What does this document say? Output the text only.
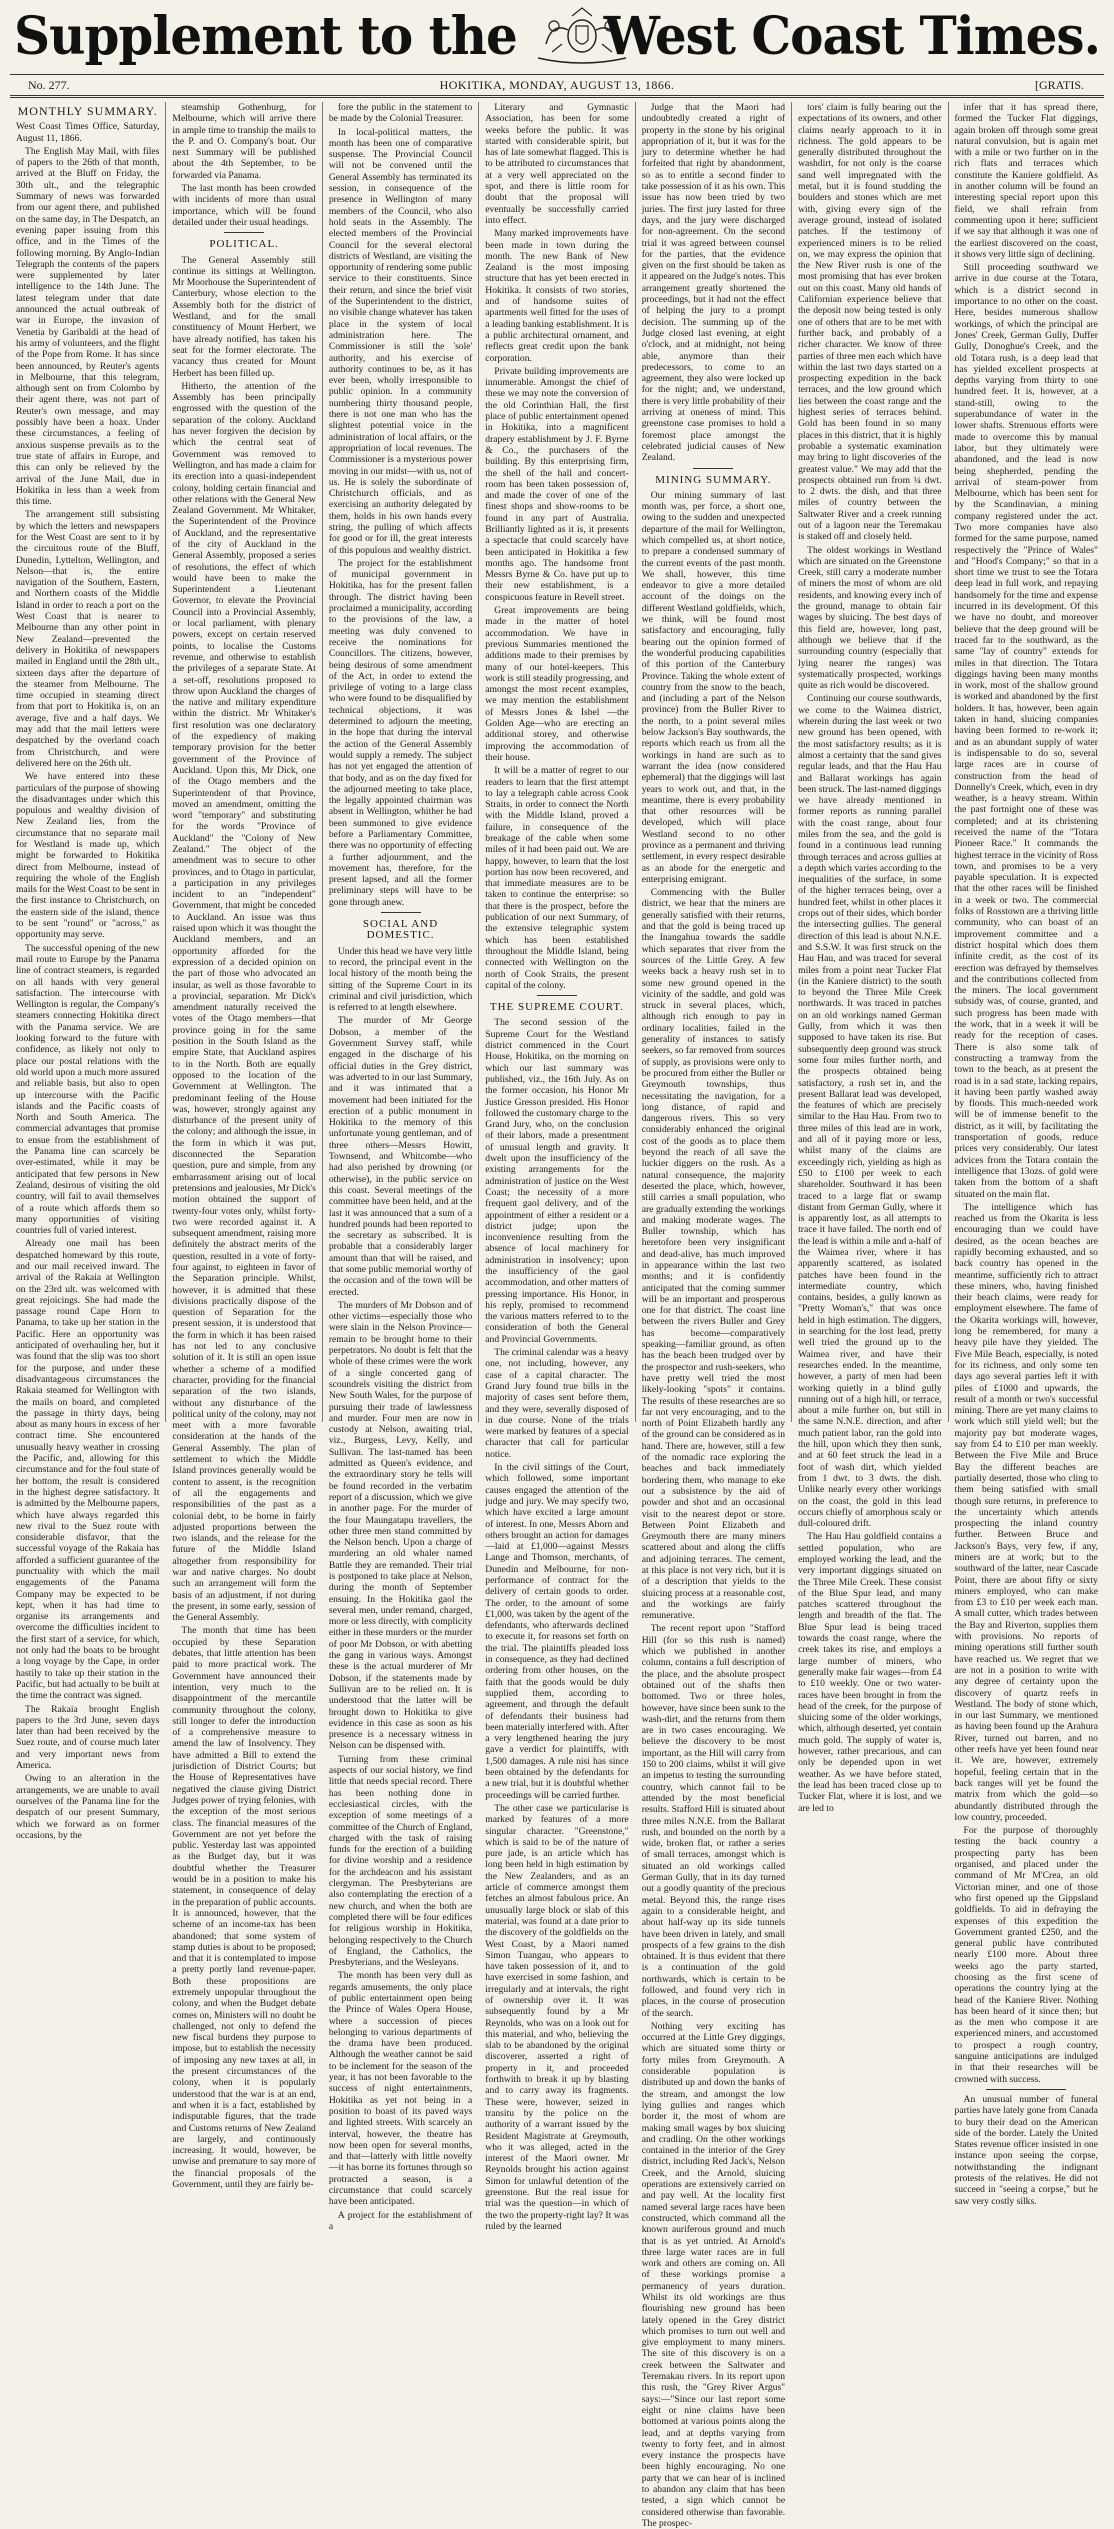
Supplement to the West Coast Times.
No. 277.	HOKITIKA, MONDAY, AUGUST 13, 1866.	[GRATIS.
MONTHLY SUMMARY.

West Coast Times Office, Saturday, August 11, 1866.

The English May Mail, with files of papers to the 26th of that month, arrived at the Bluff on Friday, the 30th ult., and the telegraphic Summary of news was forwarded from our agent there, and published on the same day, in The Despatch, an evening paper issuing from this office, and in the Times of the following morning. By Anglo-Indian Telegraph the contents of the papers were supplemented by later intelligence to the 14th June. The latest telegram under that date announced the actual outbreak of war in Europe, the invasion of Venetia by Garibaldi at the head of his army of volunteers, and the flight of the Pope from Rome. It has since been announced, by Reuter's agents in Melbourne, that this telegram, although sent on from Colombo by their agent there, was not part of Reuter's own message, and may possibly have been a hoax. Under these circumstances, a feeling of anxious suspense prevails as to the true state of affairs in Europe, and this can only be relieved by the arrival of the June Mail, due in Hokitika in less than a week from this time.

The arrangement still subsisting by which the letters and newspapers for the West Coast are sent to it by the circuitous route of the Bluff, Dunedin, Lyttelton, Wellington, and Nelson—that is, the entire navigation of the Southern, Eastern, and Northern coasts of the Middle Island in order to reach a port on the West Coast that is nearer to Melbourne than any other point in New Zealand—prevented the delivery in Hokitika of newspapers mailed in England until the 28th ult., sixteen days after the departure of the steamer from Melbourne. The time occupied in steaming direct from that port to Hokitika is, on an average, five and a half days. We may add that the mail letters were despatched by the overland coach from Christchurch, and were delivered here on the 26th ult.

We have entered into these particulars of the purpose of showing the disadvantages under which this populous and wealthy division of New Zealand lies, from the circumstance that no separate mail for Westland is made up, which might be forwarded to Hokitika direct from Melbourne, instead of requiring the whole of the English mails for the West Coast to be sent in the first instance to Christchurch, on the eastern side of the island, thence to be sent "round" or "across," as opportunity may serve.

The successful opening of the new mail route to Europe by the Panama line of contract steamers, is regarded on all hands with very general satisfaction. The intercourse with Wellington is regular, the Company's steamers connecting Hokitika direct with the Panama service. We are looking forward to the future with confidence, as likely not only to place our postal relations with the old world upon a much more assured and reliable basis, but also to open up intercourse with the Pacific islands and the Pacific coasts of North and South America. The commercial advantages that promise to ensue from the establishment of the Panama line can scarcely be over-estimated, while it may be anticipated that few persons in New Zealand, desirous of visiting the old country, will fail to avail themselves of a route which affords them so many opportunities of visiting countries full of varied interest.

Already one mail has been despatched homeward by this route, and our mail received inward. The arrival of the Rakaia at Wellington on the 23rd ult. was welcomed with great rejoicings. She had made the passage round Cape Horn to Panama, to take up her station in the Pacific. Here an opportunity was anticipated of overhauling her, but it was found that the slip was too short for the purpose, and under these disadvantageous circumstances the Rakaia steamed for Wellington with the mails on board, and completed the passage in thirty days, being about as many hours in excess of her contract time. She encountered unusually heavy weather in crossing the Pacific, and, allowing for this circumstance and for the foul state of her bottom, the result is considered in the highest degree satisfactory. It is admitted by the Melbourne papers, which have always regarded this new rival to the Suez route with considerable disfavor, that the successful voyage of the Rakaia has afforded a sufficient guarantee of the punctuality with which the mail engagements of the Panama Company may be expected to be kept, when it has had time to organise its arrangements and overcome the difficulties incident to the first start of a service, for which, not only had the boats to be brought a long voyage by the Cape, in order hastily to take up their station in the Pacific, but had actually to be built at the time the contract was signed.

The Rakaia brought English papers to the 3rd June, seven days later than had been received by the Suez route, and of course much later and very important news from America.

Owing to an alteration in the arrangements, we are unable to avail ourselves of the Panama line for the despatch of our present Summary, which we forward as on former occasions, by the

steamship Gothenburg, for Melbourne, which will arrive there in ample time to tranship the mails to the P. and O. Company's boat. Our next Summary will be published about the 4th September, to be forwarded via Panama.

The last month has been crowded with incidents of more than usual importance, which will be found detailed under their usual headings.

POLITICAL.

The General Assembly still continue its sittings at Wellington. Mr Moorhouse the Superintendent of Canterbury, whose election to the Assembly both for the district of Westland, and for the small constituency of Mount Herbert, we have already notified, has taken his seat for the former electorate. The vacancy thus created for Mount Herbert has been filled up.

Hitherto, the attention of the Assembly has been principally engrossed with the question of the separation of the colony. Auckland has never forgiven the decision by which the central seat of Government was removed to Wellington, and has made a claim for its erection into a quasi-independent colony, holding certain financial and other relations with the General New Zealand Government. Mr Whitaker, the Superintendent of the Province of Auckland, and the representative of the city of Auckland in the General Assembly, proposed a series of resolutions, the effect of which would have been to make the Superintendent a Lieutenant Governor, to elevate the Provincial Council into a Provincial Assembly, or local parliament, with plenary powers, except on certain reserved points, to localise the Customs revenue, and otherwise to establish the privileges of a separate State. At a set-off, resolutions proposed to throw upon Auckland the charges of the native and military expenditure within the district. Mr Whitaker's first resolution was one declaratory of the expediency of making temporary provision for the better government of the Province of Auckland. Upon this, Mr Dick, one of the Otago members and the Superintendent of that Province, moved an amendment, omitting the word "temporary" and substituting for the words "Province of Auckland" the "Colony of New Zealand." The object of the amendment was to secure to other provinces, and to Otago in particular, a participation in any privileges incident to an "independent" Government, that might be conceded to Auckland. An issue was thus raised upon which it was thought the Auckland members, and an opportunity afforded for the expression of a decided opinion on the part of those who advocated an insular, as well as those favorable to a provincial, separation. Mr Dick's amendment naturally received the votes of the Otago members—that province going in for the same position in the South Island as the empire State, that Auckland aspires to in the North. Both are equally opposed to the location of the Government at Wellington. The predominant feeling of the House was, however, strongly against any disturbance of the present unity of the colony; and although the issue, in the form in which it was put, disconnected the Separation question, pure and simple, from any embarrassment arising out of local pretensions and jealousies, Mr Dick's motion obtained the support of twenty-four votes only, whilst forty-two were recorded against it. A subsequent amendment, raising more definitely the abstract merits of the question, resulted in a vote of forty-four against, to eighteen in favor of the Separation principle. Whilst, however, it is admitted that these divisions practically dispose of the question of Separation for the present session, it is understood that the form in which it has been raised has not led to any conclusive solution of it. It is still an open issue whether a scheme of a modified character, providing for the financial separation of the two islands, without any disturbance of the political unity of the colony, may not meet with a more favorable consideration at the hands of the General Assembly. The plan of settlement to which the Middle Island provinces generally would be content to assent, is the recognition of all the engagements and responsibilities of the past as a colonial debt, to be borne in fairly adjusted proportions between the two islands, and the release for the future of the Middle Island altogether from responsibility for war and native charges. No doubt such an arrangement will form the basis of an adjustment, if not during the present, in some early, session of the General Assembly.

The month that time has been occupied by these Separation debates, that little attention has been paid to more practical work. The Government have announced their intention, very much to the disappointment of the mercantile community throughout the colony, still longer to defer the introduction of a comprehensive measure to amend the law of Insolvency. They have admitted a Bill to extend the jurisdiction of District Courts; but the House of Representatives have negatived the clause giving District Judges power of trying felonies, with the exception of the most serious class. The financial measures of the Government are not yet before the public. Yesterday last was appointed as the Budget day, but it was doubtful whether the Treasurer would be in a position to make his statement, in consequence of delay in the preparation of public accounts. It is announced, however, that the scheme of an income-tax has been abandoned; that some system of stamp duties is about to be proposed; and that it is contemplated to impose a pretty portly land revenue-paper. Both these propositions are extremely unpopular throughout the colony, and when the Budget debate comes on, Ministers will no doubt be challenged, not only to defend the new fiscal burdens they purpose to impose, but to establish the necessity of imposing any new taxes at all, in the present circumstances of the colony, when it is popularly understood that the war is at an end, and when it is a fact, established by indisputable figures, that the trade and Customs returns of New Zealand are largely, and continuously increasing. It would, however, be unwise and premature to say more of the financial proposals of the Government, until they are fairly be-

fore the public in the statement to be made by the Colonial Treasurer.

In local-political matters, the month has been one of comparative suspense. The Provincial Council will not be convened until the General Assembly has terminated its session, in consequence of the presence in Wellington of many members of the Council, who also hold seats in the Assembly. The elected members of the Provincial Council for the several electoral districts of Westland, are visiting the opportunity of rendering some public service to their constituents. Since their return, and since the brief visit of the Superintendent to the district, no visible change whatever has taken place in the system of local administration here. The Commissioner is still the 'sole' authority, and his exercise of authority continues to be, as it has ever been, wholly irresponsible to public opinion. In a community numbering thirty thousand people, there is not one man who has the slightest potential voice in the administration of local affairs, or the appropriation of local revenues. The Commissioner is a mysterious power moving in our midst—with us, not of us. He is solely the subordinate of Christchurch officials, and as exercising an authority delegated by them, holds in his own hands every string, the pulling of which affects for good or for ill, the great interests of this populous and wealthy district.

The project for the establishment of municipal government in Hokitika, has for the present fallen through. The district having been proclaimed a municipality, according to the provisions of the law, a meeting was duly convened to receive the nominations for Councillors. The citizens, however, being desirous of some amendment of the Act, in order to extend the privilege of voting to a large class who were found to be disqualified by technical objections, it was determined to adjourn the meeting, in the hope that during the interval the action of the General Assembly would supply a remedy. The subject has not yet engaged the attention of that body, and as on the day fixed for the adjourned meeting to take place, the legally appointed chairman was absent in Wellington, whither he had been summoned to give evidence before a Parliamentary Committee, there was no opportunity of effecting a further adjournment, and the movement has, therefore, for the present lapsed, and all the former preliminary steps will have to be gone through anew.

SOCIAL AND DOMESTIC.

Under this head we have very little to record, the principal event in the local history of the month being the sitting of the Supreme Court in its criminal and civil jurisdiction, which is referred to at length elsewhere.

The murder of Mr George Dobson, a member of the Government Survey staff, while engaged in the discharge of his official duties in the Grey district, was adverted to in our last Summary, and it was intimated that a movement had been initiated for the erection of a public monument in Hokitika to the memory of this unfortunate young gentleman, and of three others—Messrs Howitt, Townsend, and Whitcombe—who had also perished by drowning (or otherwise), in the public service on this coast. Several meetings of the committee have been held, and at the last it was announced that a sum of a hundred pounds had been reported to the secretary as subscribed. It is probable that a considerably larger amount than that will be raised, and that some public memorial worthy of the occasion and of the town will be erected.

The murders of Mr Dobson and of other victims—especially those who were slain in the Nelson Province—remain to be brought home to their perpetrators. No doubt is felt that the whole of these crimes were the work of a single concerted gang of scoundrels visiting the district from New South Wales, for the purpose of pursuing their trade of lawlessness and murder. Four men are now in custody at Nelson, awaiting trial, viz., Burgess, Levy, Kelly, and Sullivan. The last-named has been admitted as Queen's evidence, and the extraordinary story he tells will be found recorded in the verbatim report of a discussion, which we give in another page. For the murder of the four Maungatapu travellers, the other three men stand committed by the Nelson bench. Upon a charge of murdering an old whaler named Battle they are remanded. Their trial is postponed to take place at Nelson, during the month of September ensuing. In the Hokitika gaol the several men, under remand, charged, more or less directly, with complicity either in these murders or the murder of poor Mr Dobson, or with abetting the gang in various ways. Amongst these is the actual murderer of Mr Dobson, if the statements made by Sullivan are to be relied on. It is understood that the latter will be brought down to Hokitika to give evidence in this case as soon as his presence is a necessary witness in Nelson can be dispensed with.

Turning from these criminal aspects of our social history, we find little that needs special record. There has been nothing done in ecclesiastical circles, with the exception of some meetings of a committee of the Church of England, charged with the task of raising funds for the erection of a building for divine worship and a residence for the archdeacon and his assistant clergyman. The Presbyterians are also contemplating the erection of a new church, and when the both are completed there will be four edifices for religious worship in Hokitika, belonging respectively to the Church of England, the Catholics, the Presbyterians, and the Wesleyans.

The month has been very dull as regards amusements, the only place of public entertainment open being the Prince of Wales Opera House, where a succession of pieces belonging to various departments of the drama have been produced. Although the weather cannot be said to be inclement for the season of the year, it has not been favorable to the success of night entertainments, Hokitika as yet not being in a position to boast of its paved ways and lighted streets. With scarcely an interval, however, the theatre has now been open for several months, and that—latterly with little novelty—it has borne its fortunes through so protracted a season, is a circumstance that could scarcely have been anticipated.

A project for the establishment of a

Literary and Gymnastic Association, has been for some weeks before the public. It was started with considerable spirit, but has of late somewhat flagged. This is to be attributed to circumstances that at a very well appreciated on the spot, and there is little room for doubt that the proposal will eventually be successfully carried into effect.

Many marked improvements have been made in town during the month. The new Bank of New Zealand is the most imposing structure that has yet been erected in Hokitika. It consists of two stories, and of handsome suites of apartments well fitted for the uses of a leading banking establishment. It is a public architectural ornament, and reflects great credit upon the bank corporation.

Private building improvements are innumerable. Amongst the chief of these we may note the conversion of the old Corinthian Hall, the first place of public entertainment opened in Hokitika, into a magnificent drapery establishment by J. F. Byrne & Co., the purchasers of the building. By this enterprising firm, the shell of the hall and concert-room has been taken possession of, and made the cover of one of the finest shops and show-rooms to be found in any part of Australia. Brilliantly lighted as it is, it presents a spectacle that could scarcely have been anticipated in Hokitika a few months ago. The handsome front Messrs Byrne & Co. have put up to their new establishment, is a conspicuous feature in Revell street.

Great improvements are being made in the matter of hotel accommodation. We have in previous Summaries mentioned the additions made to their premises by many of our hotel-keepers. This work is still steadily progressing, and amongst the most recent examples, we may mention the establishment of Messrs Jones & Isbel —the Golden Age—who are erecting an additional storey, and otherwise improving the accommodation of their house.

It will be a matter of regret to our readers to learn that the first attempt to lay a telegraph cable across Cook Straits, in order to connect the North with the Middle Island, proved a failure, in consequence of the breakage of the cable when some miles of it had been paid out. We are happy, however, to learn that the lost portion has now been recovered, and that immediate measures are to be taken to continue the enterprise: so that there is the prospect, before the publication of our next Summary, of the extensive telegraphic system which has been established throughout the Middle Island, being connected with Wellington on the north of Cook Straits, the present capital of the colony.

THE SUPREME COURT.

The second session of the Supreme Court for the Westland district commenced in the Court House, Hokitika, on the morning on which our last summary was published, viz., the 16th July. As on the former occasion, his Honor Mr Justice Gresson presided. His Honor followed the customary charge to the Grand Jury, who, on the conclusion of their labors, made a presentment of unusual length and gravity. It dwelt upon the insufficiency of the existing arrangements for the administration of justice on the West Coast; the necessity of a more frequent gaol delivery, and of the appointment of either a resident or a district judge; upon the inconvenience resulting from the absence of local machinery for administration in insolvency; upon the insufficiency of the gaol accommodation, and other matters of pressing importance. His Honor, in his reply, promised to recommend the various matters referred to to the consideration of both the General and Provincial Governments.

The criminal calendar was a heavy one, not including, however, any case of a capital character. The Grand Jury found true bills in the majority of cases sent before them, and they were, severally disposed of in due course. None of the trials were marked by features of a special character that call for particular notice.

In the civil sittings of the Court, which followed, some important causes engaged the attention of the judge and jury. We may specify two, which have excited a large amount of interest. In one, Messrs Aborn and others brought an action for damages—laid at £1,000—against Messrs Lange and Thomson, merchants, of Dunedin and Melbourne, for non-performance of contract for the delivery of certain goods to order. The order, to the amount of some £1,000, was taken by the agent of the defendants, who afterwards declined to execute it, for reasons set forth on the trial. The plaintiffs pleaded loss in consequence, as they had declined ordering from other houses, on the faith that the goods would be duly supplied them, according to agreement, and through the default of defendants their business had been materially interfered with. After a very lengthened hearing the jury gave a verdict for plaintiffs, with 1,500 damages. A rule nisi has since been obtained by the defendants for a new trial, but it is doubtful whether proceedings will be carried further.

The other case we particularise is marked by features of a more singular character. "Greenstone," which is said to be of the nature of pure jade, is an article which has long been held in high estimation by the New Zealanders, and as an article of commerce amongst them fetches an almost fabulous price. An unusually large block or slab of this material, was found at a date prior to the discovery of the goldfields on the West Coast, by a Maori named Simon Tuangau, who appears to have taken possession of it, and to have exercised in some fashion, and irregularly and at intervals, the right of ownership over it. It was subsequently found by a Mr Reynolds, who was on a look out for this material, and who, believing the slab to be abandoned by the original discoverer, asserted a right of property in it, and proceeded forthwith to break it up by blasting and to carry away its fragments. These were, however, seized in transitu by the police on the authority of a warrant issued by the Resident Magistrate at Greymouth, who it was alleged, acted in the interest of the Maori owner. Mr Reynolds brought his action against Simon for unlawful detention of the greenstone. But the real issue for trial was the question—in which of the two the property-right lay? It was ruled by the learned

Judge that the Maori had undoubtedly created a right of property in the stone by his original appropriation of it, but it was for the jury to determine whether he had forfeited that right by abandonment, so as to entitle a second finder to take possession of it as his own. This issue has now been tried by two juries. The first jury lasted for three days, and the jury were discharged for non-agreement. On the second trial it was agreed between counsel for the parties, that the evidence given on the first should be taken as it appeared on the Judge's notes. This arrangement greatly shortened the proceedings, but it had not the effect of helping the jury to a prompt decision. The summing up of the Judge closed last evening, at eight o'clock, and at midnight, not being able, anymore than their predecessors, to come to an agreement, they also were locked up for the night; and, we understand, there is very little probability of their arriving at oneness of mind. This greenstone case promises to hold a foremost place amongst the celebrated judicial causes of New Zealand.

MINING SUMMARY.

Our mining summary of last month was, per force, a short one, owing to the sudden and unexpected departure of the mail for Wellington, which compelled us, at short notice, to prepare a condensed summary of the current events of the past month. We shall, however, this time endeavor to give a more detailed account of the doings on the different Westland goldfields, which, we think, will be found most satisfactory and encouraging, fully bearing out the opinion formed of the wonderful producing capabilities of this portion of the Canterbury Province. Taking the whole extent of country from the snow to the beach, and (including a part of the Nelson province) from the Buller River to the north, to a point several miles below Jackson's Bay southwards, the reports which reach us from all the workings in hand are such as to warrant the idea (now considered ephemeral) that the diggings will last years to work out, and that, in the meantime, there is every probability that other resources will be developed, which will place Westland second to no other province as a permanent and thriving settlement, in every respect desirable as an abode for the energetic and enterprising emigrant.

Commencing with the Buller district, we hear that the miners are generally satisfied with their returns, and that the gold is being traced up the Inangahua towards the saddle which separates that river from the sources of the Little Grey. A few weeks back a heavy rush set in to some new ground opened in the vicinity of the saddle, and gold was struck in several places, which, although rich enough to pay in ordinary localities, failed in the generality of instances to satisfy seekers, so far removed from sources of supply, as provisions were only to be procured from either the Buller or Greymouth townships, thus necessitating the navigation, for a long distance, of rapid and dangerous rivers. This so very considerably enhanced the original cost of the goods as to place them beyond the reach of all save the luckier diggers on the rush. As a natural consequence, the majority deserted the place, which, however, still carries a small population, who are gradually extending the workings and making moderate wages. The Buller township, which has heretofore been very insignificant and dead-alive, has much improved in appearance within the last two months; and it is confidently anticipated that the coming summer will be an important and prosperous one for that district. The coast line between the rivers Buller and Grey has become—comparatively speaking—familiar ground, as often has the beach been trudged over by the prospector and rush-seekers, who have pretty well tried the most likely-looking "spots" it contains. The results of these researches are so far not very encouraging, and to the north of Point Elizabeth hardly any of the ground can be considered as in hand. There are, however, still a few of the nomadic race exploring the beaches and back immediately bordering them, who manage to eke out a subsistence by the aid of powder and shot and an occasional visit to the nearest depot or store. Between Point Elizabeth and Greymouth there are many miners scattered about and along the cliffs and adjoining terraces. The cement, at this place is not very rich, but it is of a description that yields to the sluicing process at a reasonable cost, and the workings are fairly remunerative.

The recent report upon "Stafford Hill (for so this rush is named) which we published in another column, contains a full description of the place, and the absolute prospect obtained out of the shafts then bottomed. Two or three holes, however, have since been sunk to the wash-dirt, and the returns from them are in two cases encouraging. We believe the discovery to be most important, as the Hill will carry from 150 to 200 claims, whilst it will give an impetus to testing the surrounding country, which cannot fail to be attended by the most beneficial results. Stafford Hill is situated about three miles N.N.E. from the Ballarat rush, and bounded on the north by a wide, broken flat, or rather a series of small terraces, amongst which is situated an old workings called German Gully, that in its day turned out a goodly quantity of the precious metal. Beyond this, the range rises again to a considerable height, and about half-way up its side tunnels have been driven in lately, and small prospects of a few grains to the dish obtained. It is thus evident that there is a continuation of the gold northwards, which is certain to be followed, and found very rich in places, in the course of prosecution of the search.

Nothing very exciting has occurred at the Little Grey diggings, which are situated some thirty or forty miles from Greymouth. A considerable population is distributed up and down the banks of the stream, and amongst the low lying gullies and ranges which border it, the most of whom are making small wages by box sluicing and cradling. On the other workings contained in the interior of the Grey district, including Red Jack's, Nelson Creek, and the Arnold, sluicing operations are extensively carried on and pay well. At the locality first named several large races have been constructed, which command all the known auriferous ground and much that is as yet untried. At Arnold's three large water races are in full work and others are coming on. All of these workings promise a permanency of years duration. Whilst its old workings are thus flourishing new ground has been lately opened in the Grey district which promises to turn out well and give employment to many miners. The site of this discovery is on a creek between the Saltwater and Teremakau rivers. In its report upon this rush, the "Grey River Argus" says:—"Since our last report some eight or nine claims have been bottomed at various points along the lead, and at depths varying from twenty to forty feet, and in almost every instance the prospects have been highly encouraging. No one party that we can hear of is inclined to abandon any claim that has been tested, a sign which cannot be considered otherwise than favorable. The prospec-

tors' claim is fully bearing out the expectations of its owners, and other claims nearly approach to it in richness. The gold appears to be generally distributed throughout the washdirt, for not only is the coarse sand well impregnated with the metal, but it is found studding the boulders and stones which are met with, giving every sign of the average ground, instead of isolated patches. If the testimony of experienced miners is to be relied on, we may express the opinion that the New River rush is one of the most promising that has ever broken out on this coast. Many old hands of Californian experience believe that the deposit now being tested is only one of others that are to be met with further back, and probably of a richer character. We know of three parties of three men each which have within the last two days started on a prospecting expedition in the back terraces, and the low ground which lies between the coast range and the highest series of terraces behind. Gold has been found in so many places in this district, that it is highly probable a systematic examination may bring to light discoveries of the greatest value." We may add that the prospects obtained run from ¼ dwt. to 2 dwts. the dish, and that three miles of country between the Saltwater River and a creek running out of a lagoon near the Teremakau is staked off and closely held.

The oldest workings in Westland which are situated on the Greenstone Creek, still carry a moderate number of miners the most of whom are old residents, and knowing every inch of the ground, manage to obtain fair wages by sluicing. The best days of this field are, however, long past, although we believe that if the surrounding country (especially that lying nearer the ranges) was systematically prospected, workings quite as rich would be discovered.

Continuing our course southwards, we come to the Waimea district, wherein during the last week or two new ground has been opened, with the most satisfactory results; as it is almost a certainty that the sand gives regular leads, and that the Hau Hau and Ballarat workings has again been struck. The last-named diggings we have already mentioned in former reports as running parallel with the coast range, about four miles from the sea, and the gold is found in a continuous lead running through terraces and across gullies at a depth which varies according to the inequalities of the surface, in some of the higher terraces being, over a hundred feet, whilst in other places it crops out of their sides, which border the intersecting gullies. The general direction of this lead is about N.N.E. and S.S.W. It was first struck on the Hau Hau, and was traced for several miles from a point near Tucker Flat (in the Kaniere district) to the south to beyond the Three Mile Creek northwards. It was traced in patches on an old workings named German Gully, from which it was then supposed to have taken its rise. But subsequently deep ground was struck some four miles further north, and the prospects obtained being satisfactory, a rush set in, and the present Ballarat lead was developed, the features of which are precisely similar to the Hau Hau. From two to three miles of this lead are in work, and all of it paying more or less, whilst many of the claims are exceedingly rich, yielding as high as £50 to £100 per week to each shareholder. Southward it has been traced to a large flat or swamp distant from German Gully, where it is apparently lost, as all attempts to trace it have failed. The north end of the lead is within a mile and a-half of the Waimea river, where it has apparently scattered, as isolated patches have been found in the intermediate country, which contains, besides, a gully known as "Pretty Woman's," that was once held in high estimation. The diggers, in searching for the lost lead, pretty well tried the ground up to the Waimea river, and have their researches ended. In the meantime, however, a party of men had been working quietly in a blind gully running out of a high hill, or terrace, about a mile further on, but still in the same N.N.E. direction, and after much patient labor, ran the gold into the hill, upon which they then sunk, and at 60 feet struck the lead in a foot of wash dirt, which yielded from 1 dwt. to 3 dwts. the dish. Unlike nearly every other workings on the coast, the gold in this lead occurs chiefly of amorphous scaly or dull-coloured drift.

The Hau Hau goldfield contains a settled population, who are employed working the lead, and the very important diggings situated on the Three Mile Creek. These consist of the Blue Spur lead, and many patches scattered throughout the length and breadth of the flat. The Blue Spur lead is being traced towards the coast range, where the creek takes its rise, and employs a large number of miners, who generally make fair wages—from £4 to £10 weekly. One or two water-races have been brought in from the head of the creek, for the purpose of sluicing some of the older workings, which, although deserted, yet contain much gold. The supply of water is, however, rather precarious, and can only be depended upon in wet weather. As we have before stated, the lead has been traced close up to Tucker Flat, where it is lost, and we are led to

infer that it has spread there, formed the Tucker Flat diggings, again broken off through some great natural convulsion, but is again met with a mile or two further on in the rich flats and terraces which constitute the Kaniere goldfield. As in another column will be found an interesting special report upon this field, we shall refrain from commenting upon it here; sufficient if we say that although it was one of the earliest discovered on the coast, it shows very little sign of declining.

Still proceeding southward we arrive in due course at the Totara, which is a district second in importance to no other on the coast. Here, besides numerous shallow workings, of which the principal are Jones' Creek, German Gully, Duffer Gully, Donoghue's Creek, and the old Totara rush, is a deep lead that has yielded excellent prospects at depths varying from thirty to one hundred feet. It is, however, at a stand-still, owing to the superabundance of water in the lower shafts. Strenuous efforts were made to overcome this by manual labor, but they ultimately were abandoned, and the lead is now being shepherded, pending the arrival of steam-power from Melbourne, which has been sent for by the Scandinavian, a mining company registered under the act. Two more companies have also formed for the same purpose, named respectively the "Prince of Wales" and "Hood's Company;" so that in a short time we trust to see the Totara deep lead in full work, and repaying handsomely for the time and expense incurred in its development. Of this we have no doubt, and moreover believe that the deep ground will be traced far to the southward, as the same "lay of country" extends for miles in that direction. The Totara diggings having been many months in work, most of the shallow ground is worked and abandoned by the first holders. It has, however, been again taken in hand, sluicing companies having been formed to re-work it; and as an abundant supply of water is indispensable to do so, several large races are in course of construction from the head of Donnelly's Creek, which, even in dry weather, is a heavy stream. Within the past fortnight one of these was completed; and at its christening received the name of the "Totara Pioneer Race." It commands the highest terrace in the vicinity of Ross town, and promises to be a very payable speculation. It is expected that the other races will be finished in a week or two. The commercial folks of Rosstown are a thriving little community, who can boast of an improvement committee and a district hospital which does them infinite credit, as the cost of its erection was defrayed by themselves and the contributions collected from the miners. The local government subsidy was, of course, granted, and such progress has been made with the work, that in a week it will be ready for the reception of cases. There is also some talk of constructing a tramway from the town to the beach, as at present the road is in a sad state, lacking repairs, it having been partly washed away by floods. This much-needed work will be of immense benefit to the district, as it will, by facilitating the transportation of goods, reduce prices very considerably. Our latest advices from the Totara contain the intelligence that 13ozs. of gold were taken from the bottom of a shaft situated on the main flat.

The intelligence which has reached us from the Okarita is less encouraging than we could have desired, as the ocean beaches are rapidly becoming exhausted, and so back country has opened in the meantime, sufficiently rich to attract these miners, who, having finished their beach claims, were ready for employment elsewhere. The fame of the Okarita workings will, however, long be remembered, for many a heavy pile have they yielded. The Five Mile Beach, especially, is noted for its richness, and only some ten days ago several parties left it with piles of £1000 and upwards, the result of a month or two's successful mining. There are yet many claims to work which still yield well; but the majority pay but moderate wages, say from £4 to £10 per man weekly. Between the Five Mile and Bruce Bay the different beaches are partially deserted, those who cling to them being satisfied with small though sure returns, in preference to the uncertainty which attends prospecting the inland country further. Between Bruce and Jackson's Bays, very few, if any, miners are at work; but to the southward of the latter, near Cascade Point, there are about fifty or sixty miners employed, who can make from £3 to £10 per week each man. A small cutter, which trades between the Bay and Riverton, supplies them with provisions. No reports of mining operations still further south have reached us. We regret that we are not in a position to write with any degree of certainty upon the discovery of quartz reefs in Westland. The body of stone which, in our last Summary, we mentioned as having been found up the Arahura River, turned out barren, and no other reefs have yet been found near it. We are, however, extremely hopeful, feeling certain that in the back ranges will yet be found the matrix from which the gold—so abundantly distributed through the low country, proceeded.

For the purpose of thoroughly testing the back country a prospecting party has been organised, and placed under the command of Mr M'Crea, an old Victorian miner, and one of those who first opened up the Gippsland goldfields. To aid in defraying the expenses of this expedition the Government granted £250, and the general public have contributed nearly £100 more. About three weeks ago the party started, choosing as the first scene of operations the country lying at the head of the Kaniere River. Nothing has been heard of it since then; but as the men who compose it are experienced miners, and accustomed to prospect a rough country, sanguine anticipations are indulged in that their researches will be crowned with success.

An unusual number of funeral parties have lately gone from Canada to bury their dead on the American side of the border. Lately the United States revenue officer insisted in one instance upon seeing the corpse, notwithstanding the indignant protests of the relatives. He did not succeed in "seeing a corpse," but he saw very costly silks.
